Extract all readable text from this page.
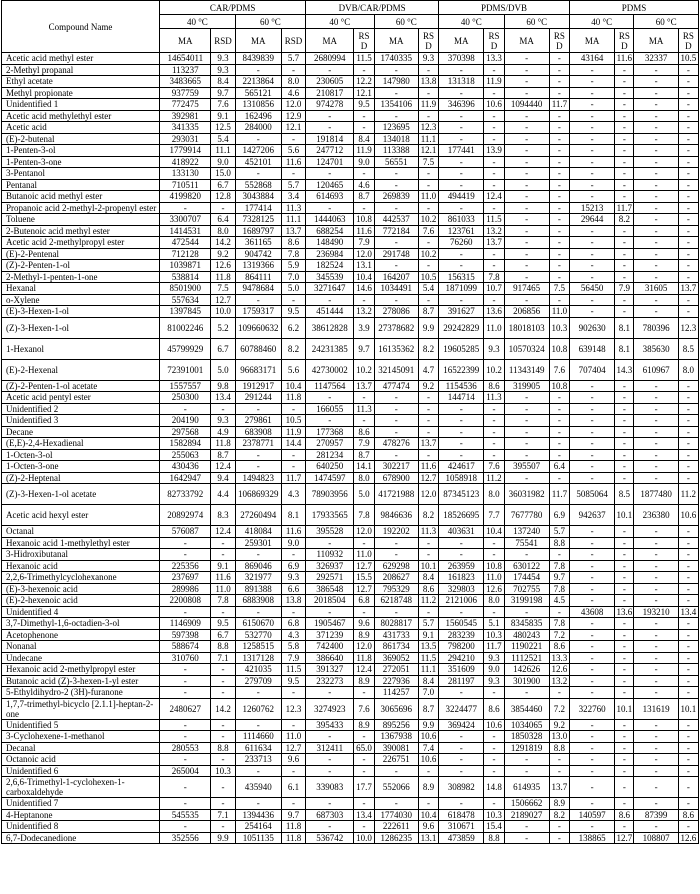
Compound Name	CAR/PDMS				DVB/CAR/PDMS				PDMS/DVB				PDMS			
	40 °C		60 °C		40 °C		60 °C		40 °C		60 °C		40 °C		60 °C	
	MA	RSD	MA	RSD	MA	RS D	MA	RS D	MA	RS D	MA	RS D	MA	RS D	MA	RS D
Acetic acid methyl ester	14654011	9.3	8439839	5.7	2680994	11.5	1740335	9.3	370398	13.3	-	-	43164	11.6	32337	10.5
2-Methyl propanal	113237	9.3	-	-	-	-	-	-	-	-	-	-	-	-	-	-
Ethyl acetate	3483665	8.4	2213864	8.0	230605	12.2	147980	13.8	131318	11.9	-	-	-	-	-	-
Methyl propionate	937759	9.7	565121	4.6	210817	12.1	-	-	-	-	-	-	-	-	-	-
Unidentified 1	772475	7.6	1310856	12.0	974278	9.5	1354106	11.9	346396	10.6	1094440	11.7	-	-	-	-
Acetic acid methylethyl ester	392981	9.1	162496	12.9	-	-	-	-	-	-	-	-	-	-	-	-
Acetic acid	341335	12.5	284000	12.1	-	-	123695	12.3	-	-	-	-	-	-	-	-
(E)-2-butenal	293031	5.4	-	-	191814	8.4	134018	11.1	-	-	-	-	-	-	-	-
1-Penten-3-ol	1779914	11.1	1427206	5.6	247712	11.9	113388	12.1	177441	13.9	-	-	-	-	-	-
1-Penten-3-one	418922	9.0	452101	11.6	124701	9.0	56551	7.5	-	-	-	-	-	-	-	-
3-Pentanol	133130	15.0	-	-	-	-	-	-	-	-	-	-	-	-	-	-
Pentanal	710511	6.7	552868	5.7	120465	4.6	-	-	-	-	-	-	-	-	-	-
Butanoic acid methyl ester	4199820	12.8	3043884	3.4	614693	8.7	269839	11.0	494419	12.4	-	-	-	-	-	-
Propanoic acid 2-methyl-2-propenyl ester	-	-	177414	11.3	-	-	-	-	-	-	-	-	15213	11.7	-	-
Toluene	3300707	6.4	7328125	11.1	1444063	10.8	442537	10.2	861033	11.5	-	-	29644	8.2	-	-
2-Butenoic acid methyl ester	1414531	8.0	1689797	13.7	688254	11.6	772184	7.6	123761	13.2	-	-	-	-	-	-
Acetic acid 2-methylpropyl ester	472544	14.2	361165	8.6	148490	7.9	-	-	76260	13.7	-	-	-	-	-	-
(E)-2-Pentenal	712128	9.2	904742	7.8	236984	12.0	291748	10.2	-	-	-	-	-	-	-	-
(Z)-2-Penten-1-ol	1039871	12.6	1319366	5.9	182524	13.1	-	-	-	-	-	-	-	-	-	-
2-Methyl-1-penten-1-one	538814	11.8	864111	7.0	345539	10.4	164207	10.5	156315	7.8	-	-	-	-	-	-
Hexanal	8501900	7.5	9478684	5.0	3271647	14.6	1034491	5.4	1871099	10.7	917465	7.5	56450	7.9	31605	13.7
o-Xylene	557634	12.7	-	-	-	-	-	-	-	-	-	-	-	-	-	-
(E)-3-Hexen-1-ol	1397845	10.0	1759317	9.5	451444	13.2	278086	8.7	391627	13.6	206856	11.0	-	-	-	-
(Z)-3-Hexen-1-ol	81002246	5.2	109660632	6.2	38612828	3.9	27378682	9.9	29242829	11.0	18018103	10.3	902630	8.1	780396	12.3
1-Hexanol	45799929	6.7	60788460	8.2	24231385	9.7	16135362	8.2	19605285	9.3	10570324	10.8	639148	8.1	385630	8.5
(E)-2-Hexenal	72391001	5.0	96683171	5.6	42730002	10.2	32145091	4.7	16522399	10.2	11343149	7.6	707404	14.3	610967	8.0
(Z)-2-Penten-1-ol acetate	1557557	9.8	1912917	10.4	1147564	13.7	477474	9.2	1154536	8.6	319905	10.8	-	-	-	-
Acetic acid pentyl ester	250300	13.4	291244	11.8	-	-	-	-	144714	11.3	-	-	-	-	-	-
Unidentified 2	-	-	-	-	166055	11.3	-	-	-	-	-	-	-	-	-	-
Unidentified 3	204190	9.3	279861	10.5	-	-	-	-	-	-	-	-	-	-	-	-
Decane	297568	4.9	683908	11.9	177368	8.6	-	-	-	-	-	-	-	-	-	-
(E,E)-2,4-Hexadienal	1582894	11.8	2378771	14.4	270957	7.9	478276	13.7	-	-	-	-	-	-	-	-
1-Octen-3-ol	255063	8.7	-	-	281234	8.7	-	-	-	-	-	-	-	-	-	-
1-Octen-3-one	430436	12.4	-	-	640250	14.1	302217	11.6	424617	7.6	395507	6.4	-	-	-	-
(Z)-2-Heptenal	1642947	9.4	1494823	11.7	1474597	8.0	678900	12.7	1058918	11.2	-	-	-	-	-	-
(Z)-3-Hexen-1-ol acetate	82733792	4.4	106869329	4.3	78903956	5.0	41721988	12.0	87345123	8.0	36031982	11.7	5085064	8.5	1877480	11.2
Acetic acid hexyl ester	20892974	8.3	27260494	8.1	17933565	7.8	9846636	8.2	18526695	7.7	7677780	6.9	942637	10.1	236380	10.6
Octanal	576087	12.4	418084	11.6	395528	12.0	192202	11.3	403631	10.4	137240	5.7	-	-	-	-
Hexanoic acid 1-methylethyl ester	-	-	259301	9.0	-	-	-	-	-	-	75541	8.8	-	-	-	-
3-Hidroxibutanal	-	-	-	-	110932	11.0	-	-	-	-	-	-	-	-	-	-
Hexanoic acid	225356	9.1	869046	6.9	326937	12.7	629298	10.1	263959	10.8	630122	7.8	-	-	-	-
2,2,6-Trimethylcyclohexanone	237697	11.6	321977	9.3	292571	15.5	208627	8.4	161823	11.0	174454	9.7	-	-	-	-
(E)-3-hexenoic acid	289986	11.0	891388	6.6	386548	12.7	795329	8.6	329803	12.6	702755	7.8	-	-	-	-
(E)-2-hexenoic acid	2200808	7.8	6883908	13.8	2018504	6.8	6218748	11.2	2121006	8.0	3199198	4.5	-	-	-	-
Unidentified 4	-	-	-	-	-	-	-	-	-	-	-	-	43608	13.6	193210	13.4
3,7-Dimethyl-1,6-octadien-3-ol	1146909	9.5	6150670	6.8	1905467	9.6	8028817	5.7	1560545	5.1	8345835	7.8	-	-	-	-
Acetophenone	597398	6.7	532770	4.3	371239	8.9	431733	9.1	283239	10.3	480243	7.2	-	-	-	-
Nonanal	588674	8.8	1258515	5.8	742400	12.0	861734	13.5	798200	11.7	1190221	8.6	-	-	-	-
Undecane	310760	7.1	1317128	7.9	386640	11.8	369052	11.5	294210	9.3	1112521	13.3	-	-	-	-
Hexanoic acid 2-methylpropyl ester	-	-	421035	11.5	391327	12.4	272051	11.1	351609	9.0	142626	12.6	-	-	-	-
Butanoic acid (Z)-3-hexen-1-yl ester	-	-	279709	9.5	232273	8.9	227936	8.4	281197	9.3	301900	13.2	-	-	-	-
5-Ethyldihydro-2 (3H)-furanone	-	-	-	-	-	-	114257	7.0	-	-	-	-	-	-	-	-
1,7,7-trimethyl-bicyclo [2.1.1]-heptan-2-one	2480627	14.2	1260762	12.3	3274923	7.6	3065696	8.7	3224477	8.6	3854460	7.2	322760	10.1	131619	10.1
Unidentified 5	-	-	-	-	395433	8.9	895256	9.9	369424	10.6	1034065	9.2	-	-	-	-
3-Cyclohexene-1-methanol	-	-	1114660	11.0	-	-	1367938	10.6	-	-	1850328	13.0	-	-	-	-
Decanal	280553	8.8	611634	12.7	312411	65.0	390081	7.4	-	-	1291819	8.8	-	-	-	-
Octanoic acid	-	-	233713	9.6	-	-	226751	10.6	-	-	-	-	-	-	-	-
Unidentified 6	265004	10.3	-	-	-	-	-	-	-	-	-	-	-	-	-	-
2,6,6-Trimethyl-1-cyclohexen-1-carboxaldehyde	-	-	435940	6.1	339083	17.7	552066	8.9	308982	14.8	614935	13.7	-	-	-	-
Unidentified 7	-	-	-	-	-	-	-	-	-	-	1506662	8.9	-	-	-	-
4-Heptanone	545535	7.1	1394436	9.7	687303	13.4	1774030	10.4	618478	10.3	2189027	8.2	140597	8.6	87399	8.6
Unidentified 8	-	-	254164	11.8	-	-	222611	9.6	310671	15.4	-	-	-	-	-	-
6,7-Dodecanedione	352556	9.9	1051135	11.8	536742	10.0	1286235	13.1	473859	8.8	-	-	138865	12.7	108807	12.6
